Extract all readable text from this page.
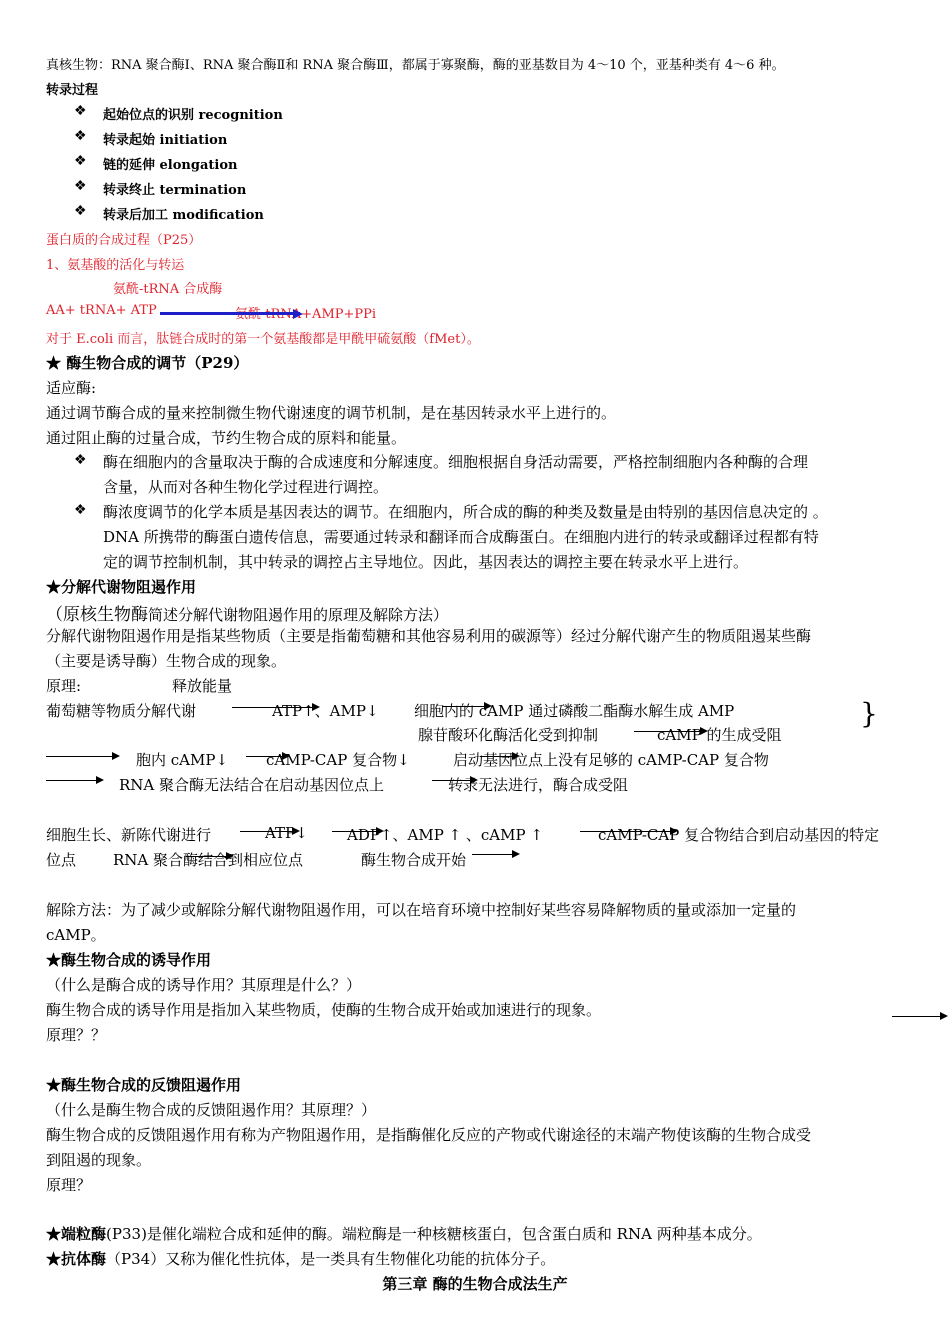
真核生物：RNA 聚合酶Ⅰ、RNA 聚合酶Ⅱ和 RNA 聚合酶Ⅲ，都属于寡聚酶，酶的亚基数目为 4～10 个，亚基种类有 4～6 种。
转录过程
❖ 起始位点的识别 recognition
❖ 转录起始 initiation
❖ 链的延伸 elongation
❖ 转录终止 termination
❖ 转录后加工 modification
蛋白质的合成过程（P25）
1、氨基酸的活化与转运
氨酰-tRNA 合成酶
AA+ tRNA+ ATP	氨酰-tRNA+AMP+PPi
对于 E.coli 而言，肽链合成时的第一个氨基酸都是甲酰甲硫氨酸（fMet）。
★ 酶生物合成的调节（P29）
适应酶:
通过调节酶合成的量来控制微生物代谢速度的调节机制，是在基因转录水平上进行的。
通过阻止酶的过量合成，节约生物合成的原料和能量。
❖ 酶在细胞内的含量取决于酶的合成速度和分解速度。细胞根据自身活动需要，严格控制细胞内各种酶的合理
含量，从而对各种生物化学过程进行调控。
❖ 酶浓度调节的化学本质是基因表达的调节。在细胞内，所合成的酶的种类及数量是由特别的基因信息决定的 。
DNA 所携带的酶蛋白遗传信息，需要通过转录和翻译而合成酶蛋白。在细胞内进行的转录或翻译过程都有特
定的调节控制机制，其中转录的调控占主导地位。因此，基因表达的调控主要在转录水平上进行。
★分解代谢物阻遏作用
（原核生物酶简述分解代谢物阻遏作用的原理及解除方法）
分解代谢物阻遏作用是指某些物质（主要是指葡萄糖和其他容易利用的碳源等）经过分解代谢产生的物质阻遏某些酶
（主要是诱导酶）生物合成的现象。
原理:	释放能量
葡萄糖等物质分解代谢	ATP↑、AMP↓ 细胞内的 cAMP 通过磷酸二酯酶水解生成 AMP	}
腺苷酸环化酶活化受到抑制	cAMP 的生成受阻
胞内 cAMP↓	cAMP-CAP 复合物↓	启动基因位点上没有足够的 cAMP-CAP 复合物
RNA 聚合酶无法结合在启动基因位点上	转录无法进行，酶合成受阻
细胞生长、新陈代谢进行	ATP↓	ADP↑、AMP ↑ 、cAMP ↑	cAMP-CAP 复合物结合到启动基因的特定
位点 RNA 聚合酶结合到相应位点	酶生物合成开始
解除方法：为了减少或解除分解代谢物阻遏作用，可以在培育环境中控制好某些容易降解物质的量或添加一定量的
cAMP。
★酶生物合成的诱导作用
（什么是酶合成的诱导作用？其原理是什么？）
酶生物合成的诱导作用是指加入某些物质，使酶的生物合成开始或加速进行的现象。
原理？？
★酶生物合成的反馈阻遏作用
（什么是酶生物合成的反馈阻遏作用？其原理？）
酶生物合成的反馈阻遏作用有称为产物阻遏作用，是指酶催化反应的产物或代谢途径的末端产物使该酶的生物合成受
到阻遏的现象。
原理？
★端粒酶(P33)是催化端粒合成和延伸的酶。端粒酶是一种核糖核蛋白，包含蛋白质和 RNA 两种基本成分。
★抗体酶（P34）又称为催化性抗体，是一类具有生物催化功能的抗体分子。
第三章 酶的生物合成法生产
